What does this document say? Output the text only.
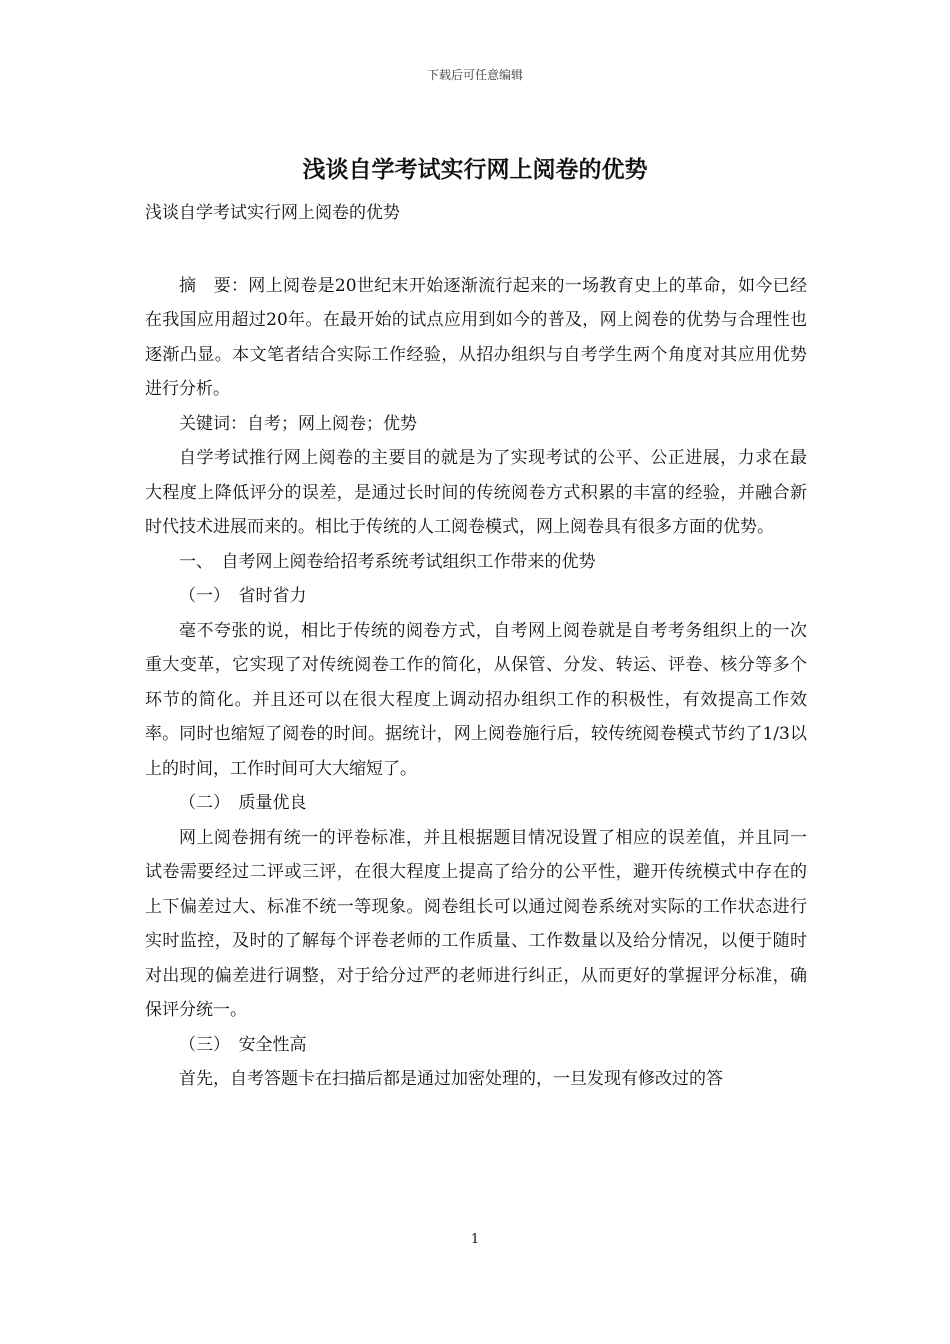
下载后可任意编辑
浅谈自学考试实行网上阅卷的优势

浅谈自学考试实行网上阅卷的优势

摘　要：网上阅卷是20世纪末开始逐渐流行起来的一场教育史上的革命，如今已经在我国应用超过20年。在最开始的试点应用到如今的普及，网上阅卷的优势与合理性也逐渐凸显。本文笔者结合实际工作经验，从招办组织与自考学生两个角度对其应用优势进行分析。

关键词：自考；网上阅卷；优势

自学考试推行网上阅卷的主要目的就是为了实现考试的公平、公正进展，力求在最大程度上降低评分的误差，是通过长时间的传统阅卷方式积累的丰富的经验，并融合新时代技术进展而来的。相比于传统的人工阅卷模式，网上阅卷具有很多方面的优势。

一、　自考网上阅卷给招考系统考试组织工作带来的优势

（一）　省时省力

毫不夸张的说，相比于传统的阅卷方式，自考网上阅卷就是自考考务组织上的一次重大变革，它实现了对传统阅卷工作的简化，从保管、分发、转运、评卷、核分等多个环节的简化。并且还可以在很大程度上调动招办组织工作的积极性，有效提高工作效率。同时也缩短了阅卷的时间。据统计，网上阅卷施行后，较传统阅卷模式节约了1/3以上的时间，工作时间可大大缩短了。

（二）　质量优良

网上阅卷拥有统一的评卷标准，并且根据题目情况设置了相应的误差值，并且同一试卷需要经过二评或三评，在很大程度上提高了给分的公平性，避开传统模式中存在的上下偏差过大、标准不统一等现象。阅卷组长可以通过阅卷系统对实际的工作状态进行实时监控，及时的了解每个评卷老师的工作质量、工作数量以及给分情况，以便于随时对出现的偏差进行调整，对于给分过严的老师进行纠正，从而更好的掌握评分标准，确保评分统一。

（三）　安全性高

首先，自考答题卡在扫描后都是通过加密处理的，一旦发现有修改过的答

1
